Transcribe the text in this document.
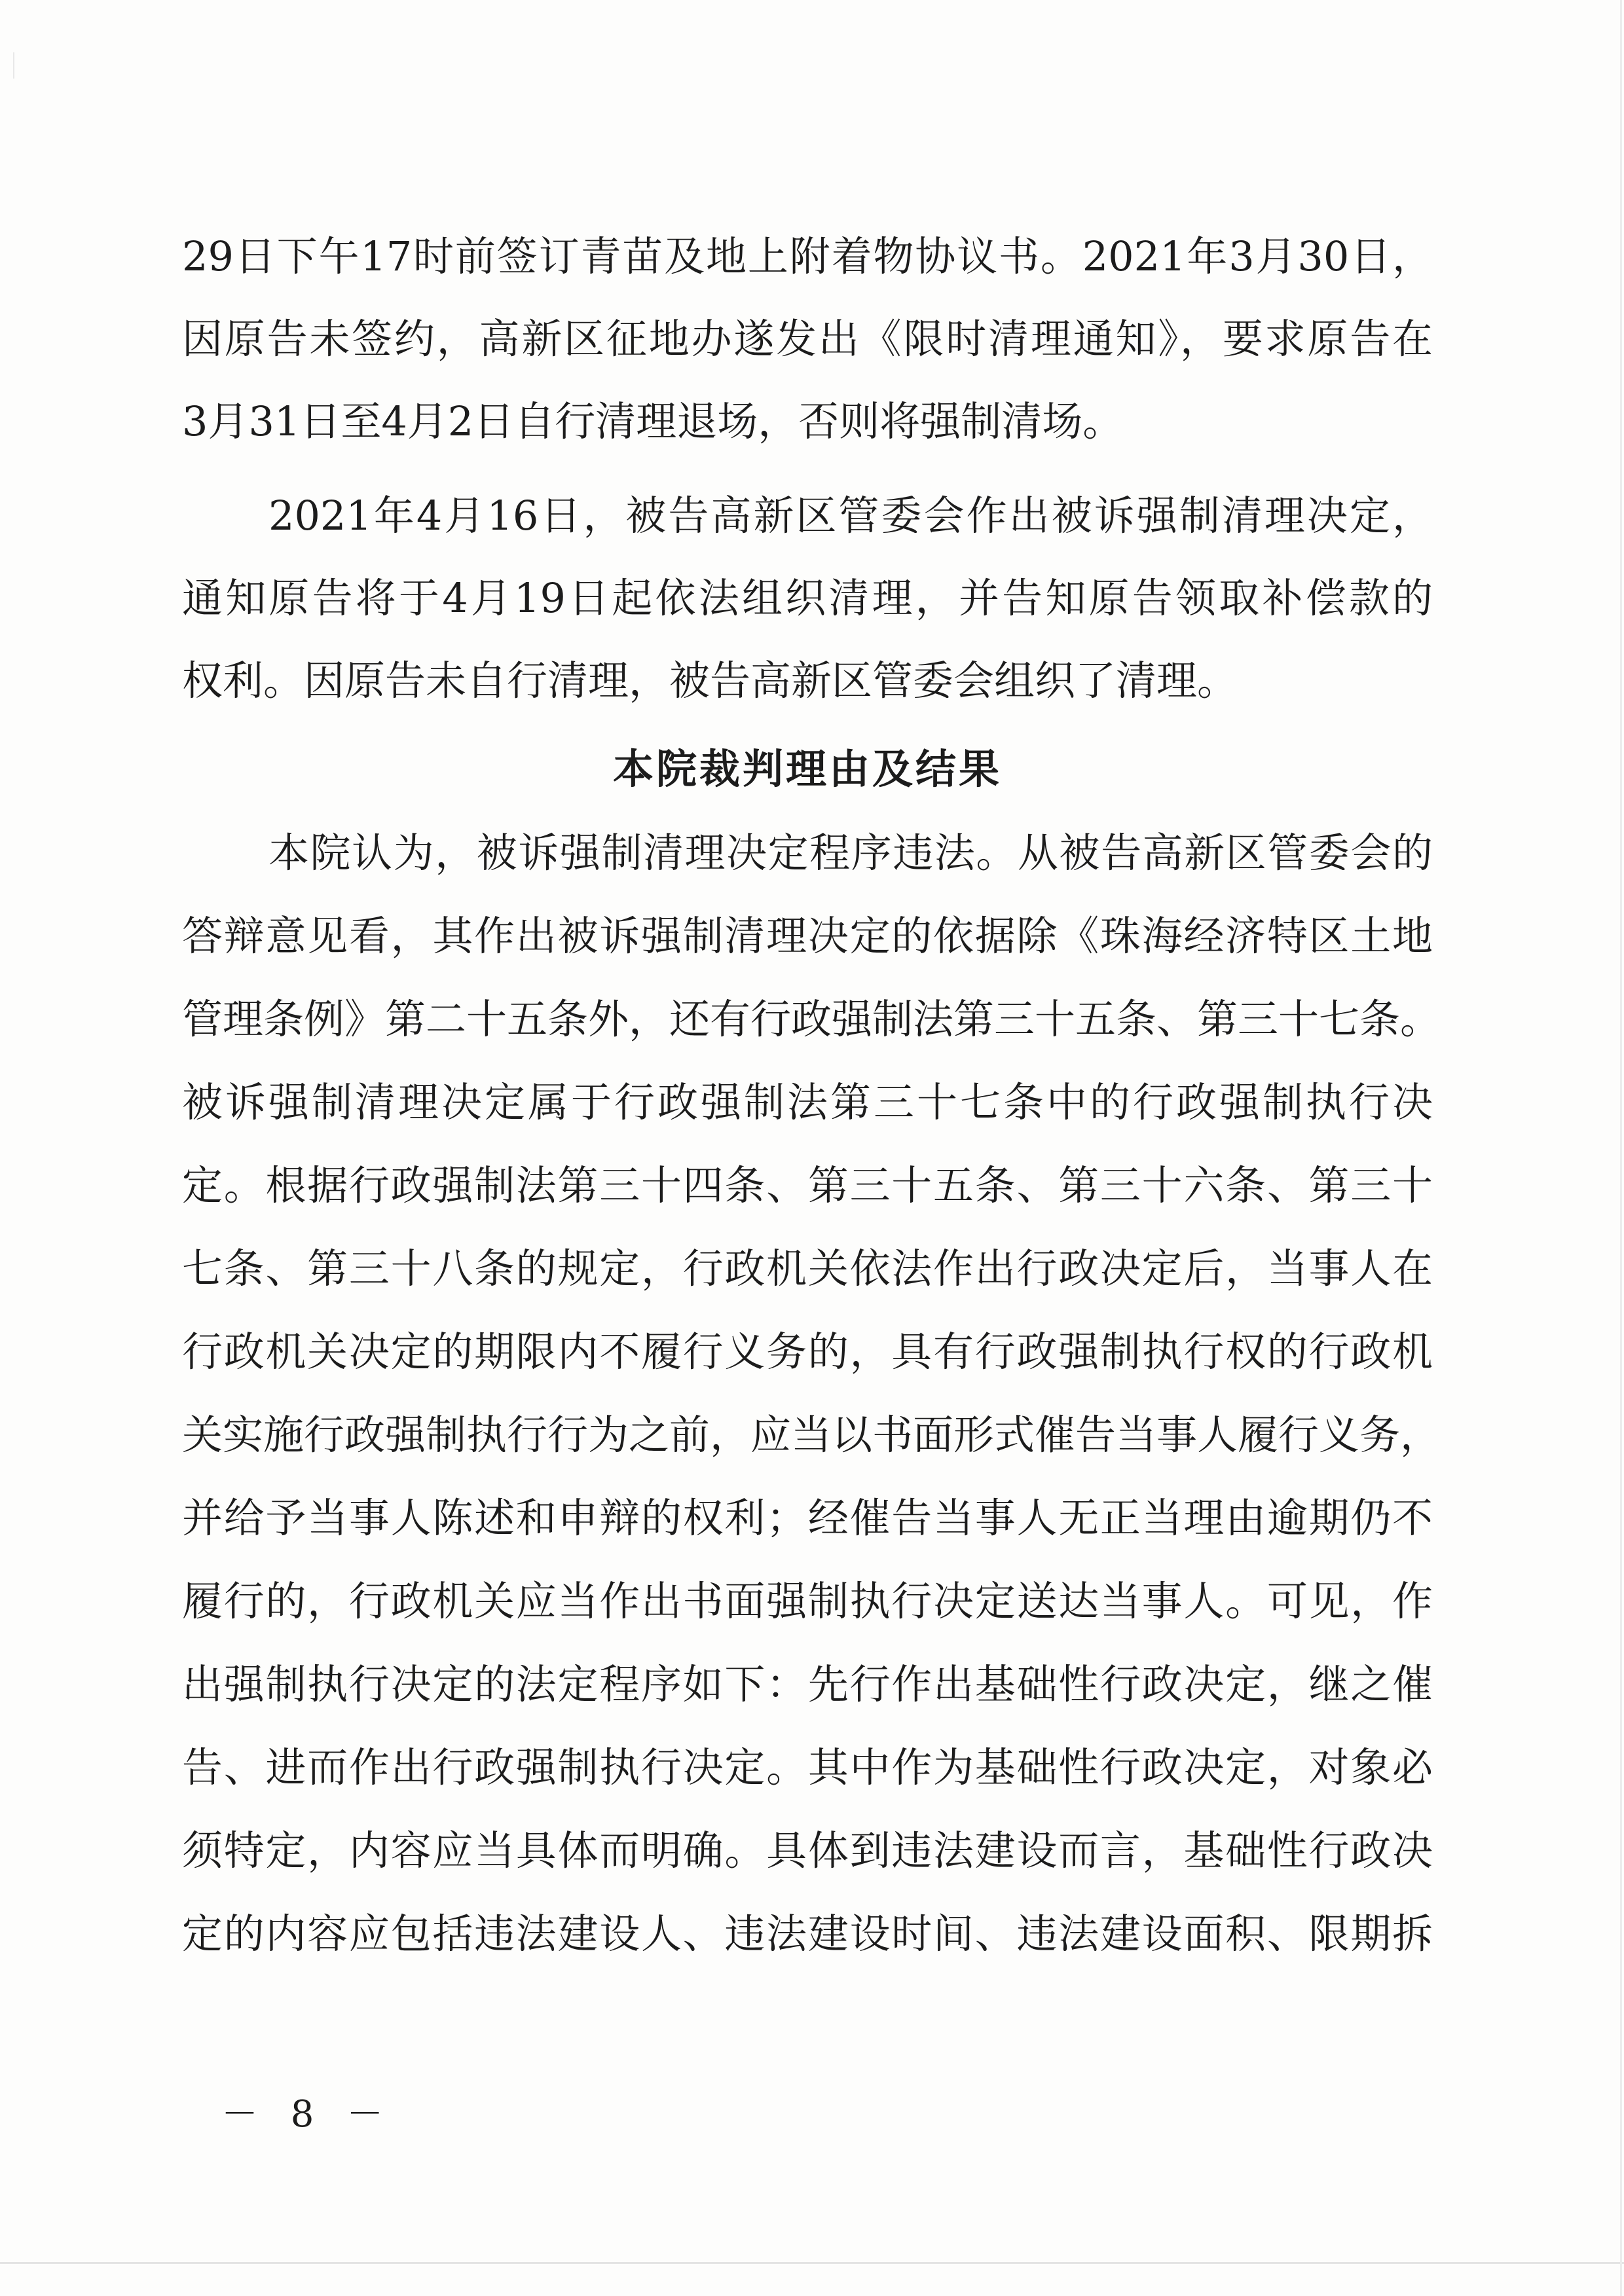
29日下午17时前签订青苗及地上附着物协议书。2021年3月30日，
因原告未签约，高新区征地办遂发出《限时清理通知》，要求原告在
3月31日至4月2日自行清理退场，否则将强制清场。
2021年4月16日，被告高新区管委会作出被诉强制清理决定，
通知原告将于4月19日起依法组织清理，并告知原告领取补偿款的
权利。因原告未自行清理，被告高新区管委会组织了清理。
本院裁判理由及结果
本院认为，被诉强制清理决定程序违法。从被告高新区管委会的
答辩意见看，其作出被诉强制清理决定的依据除《珠海经济特区土地
管理条例》第二十五条外，还有行政强制法第三十五条、第三十七条。
被诉强制清理决定属于行政强制法第三十七条中的行政强制执行决
定。根据行政强制法第三十四条、第三十五条、第三十六条、第三十
七条、第三十八条的规定，行政机关依法作出行政决定后，当事人在
行政机关决定的期限内不履行义务的，具有行政强制执行权的行政机
关实施行政强制执行行为之前，应当以书面形式催告当事人履行义务，
并给予当事人陈述和申辩的权利；经催告当事人无正当理由逾期仍不
履行的，行政机关应当作出书面强制执行决定送达当事人。可见，作
出强制执行决定的法定程序如下：先行作出基础性行政决定，继之催
告、进而作出行政强制执行决定。其中作为基础性行政决定，对象必
须特定，内容应当具体而明确。具体到违法建设而言，基础性行政决
定的内容应包括违法建设人、违法建设时间、违法建设面积、限期拆
－ 8 －
